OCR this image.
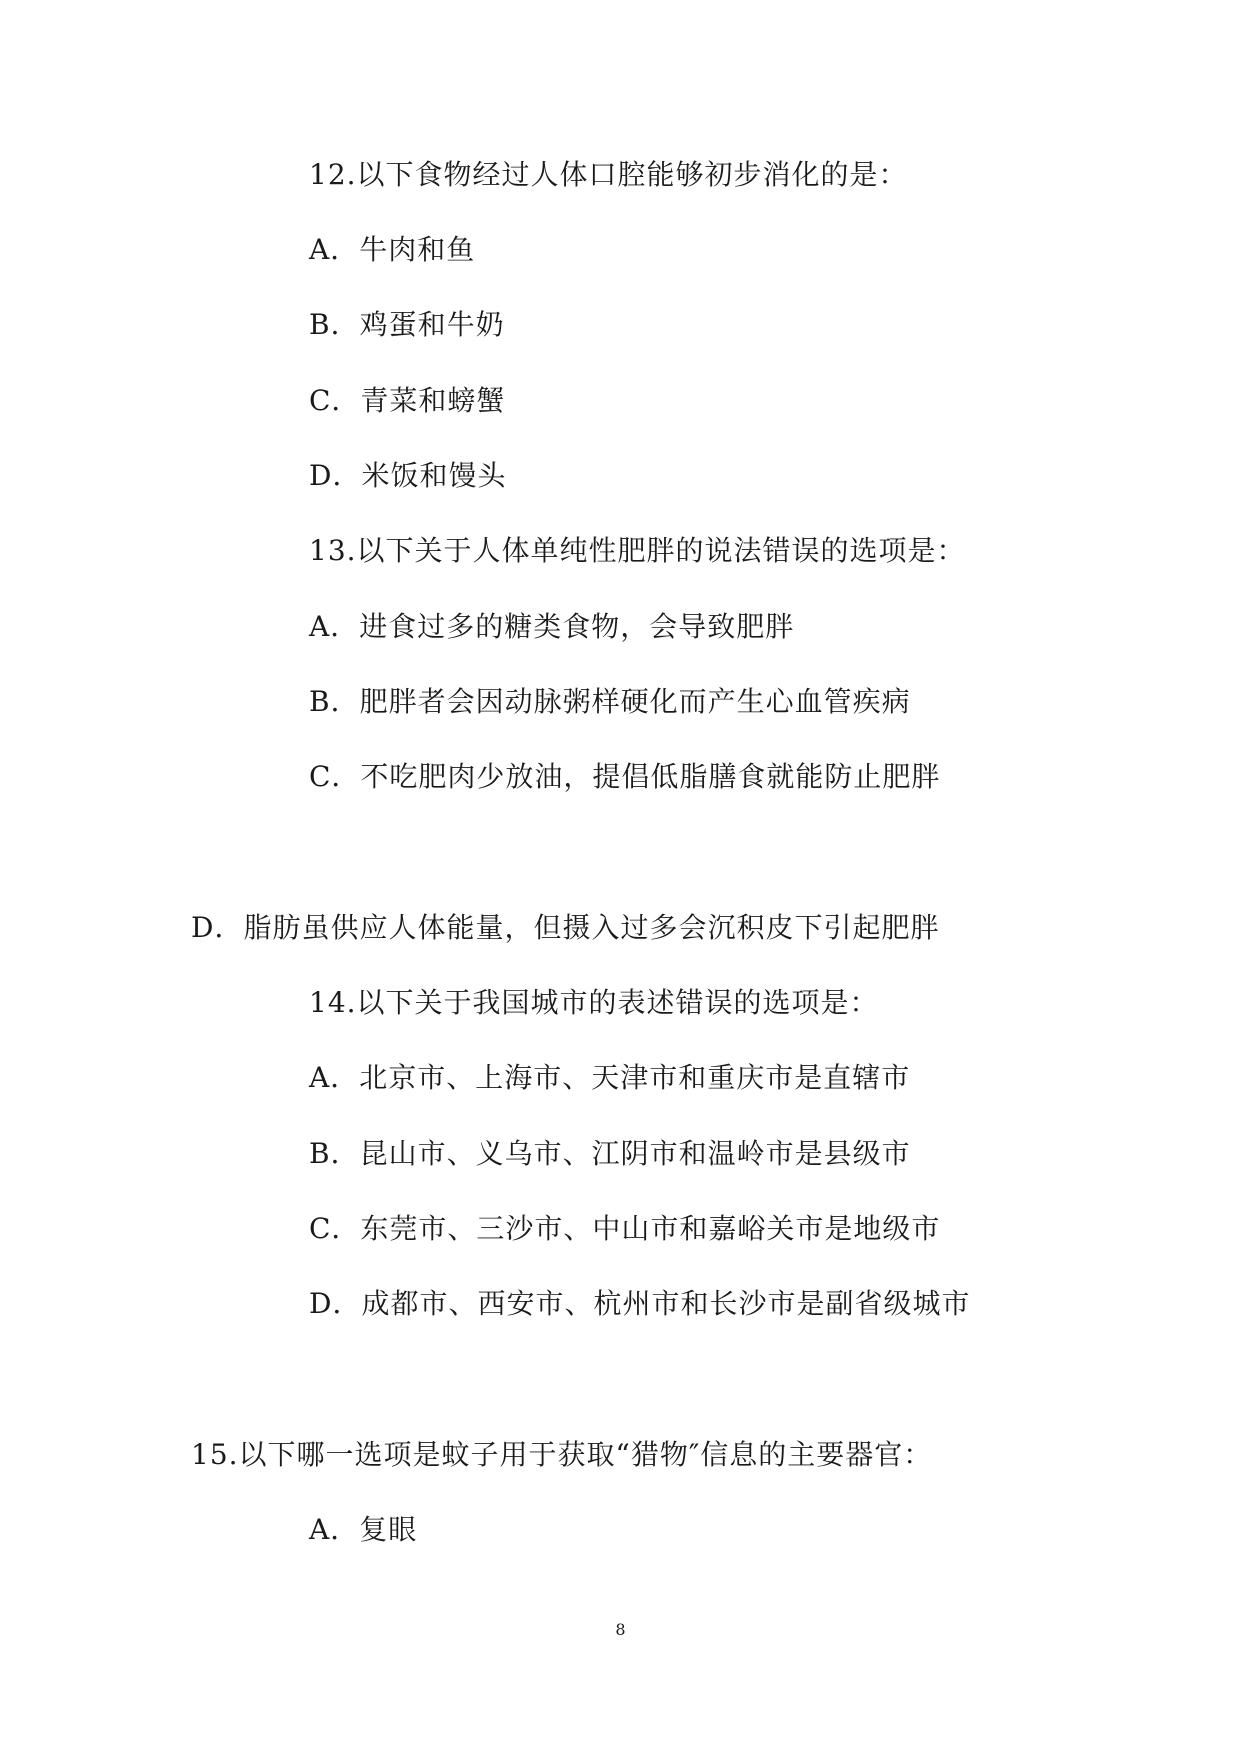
12.以下食物经过人体口腔能够初步消化的是：
A．牛肉和鱼
B．鸡蛋和牛奶
C．青菜和螃蟹
D．米饭和馒头
13.以下关于人体单纯性肥胖的说法错误的选项是：
A．进食过多的糖类食物，会导致肥胖
B．肥胖者会因动脉粥样硬化而产生心血管疾病
C．不吃肥肉少放油，提倡低脂膳食就能防止肥胖
D．脂肪虽供应人体能量，但摄入过多会沉积皮下引起肥胖
14.以下关于我国城市的表述错误的选项是：
A．北京市、上海市、天津市和重庆市是直辖市
B．昆山市、义乌市、江阴市和温岭市是县级市
C．东莞市、三沙市、中山市和嘉峪关市是地级市
D．成都市、西安市、杭州市和长沙市是副省级城市
15.以下哪一选项是蚊子用于获取“猎物″信息的主要器官：
A．复眼
8
